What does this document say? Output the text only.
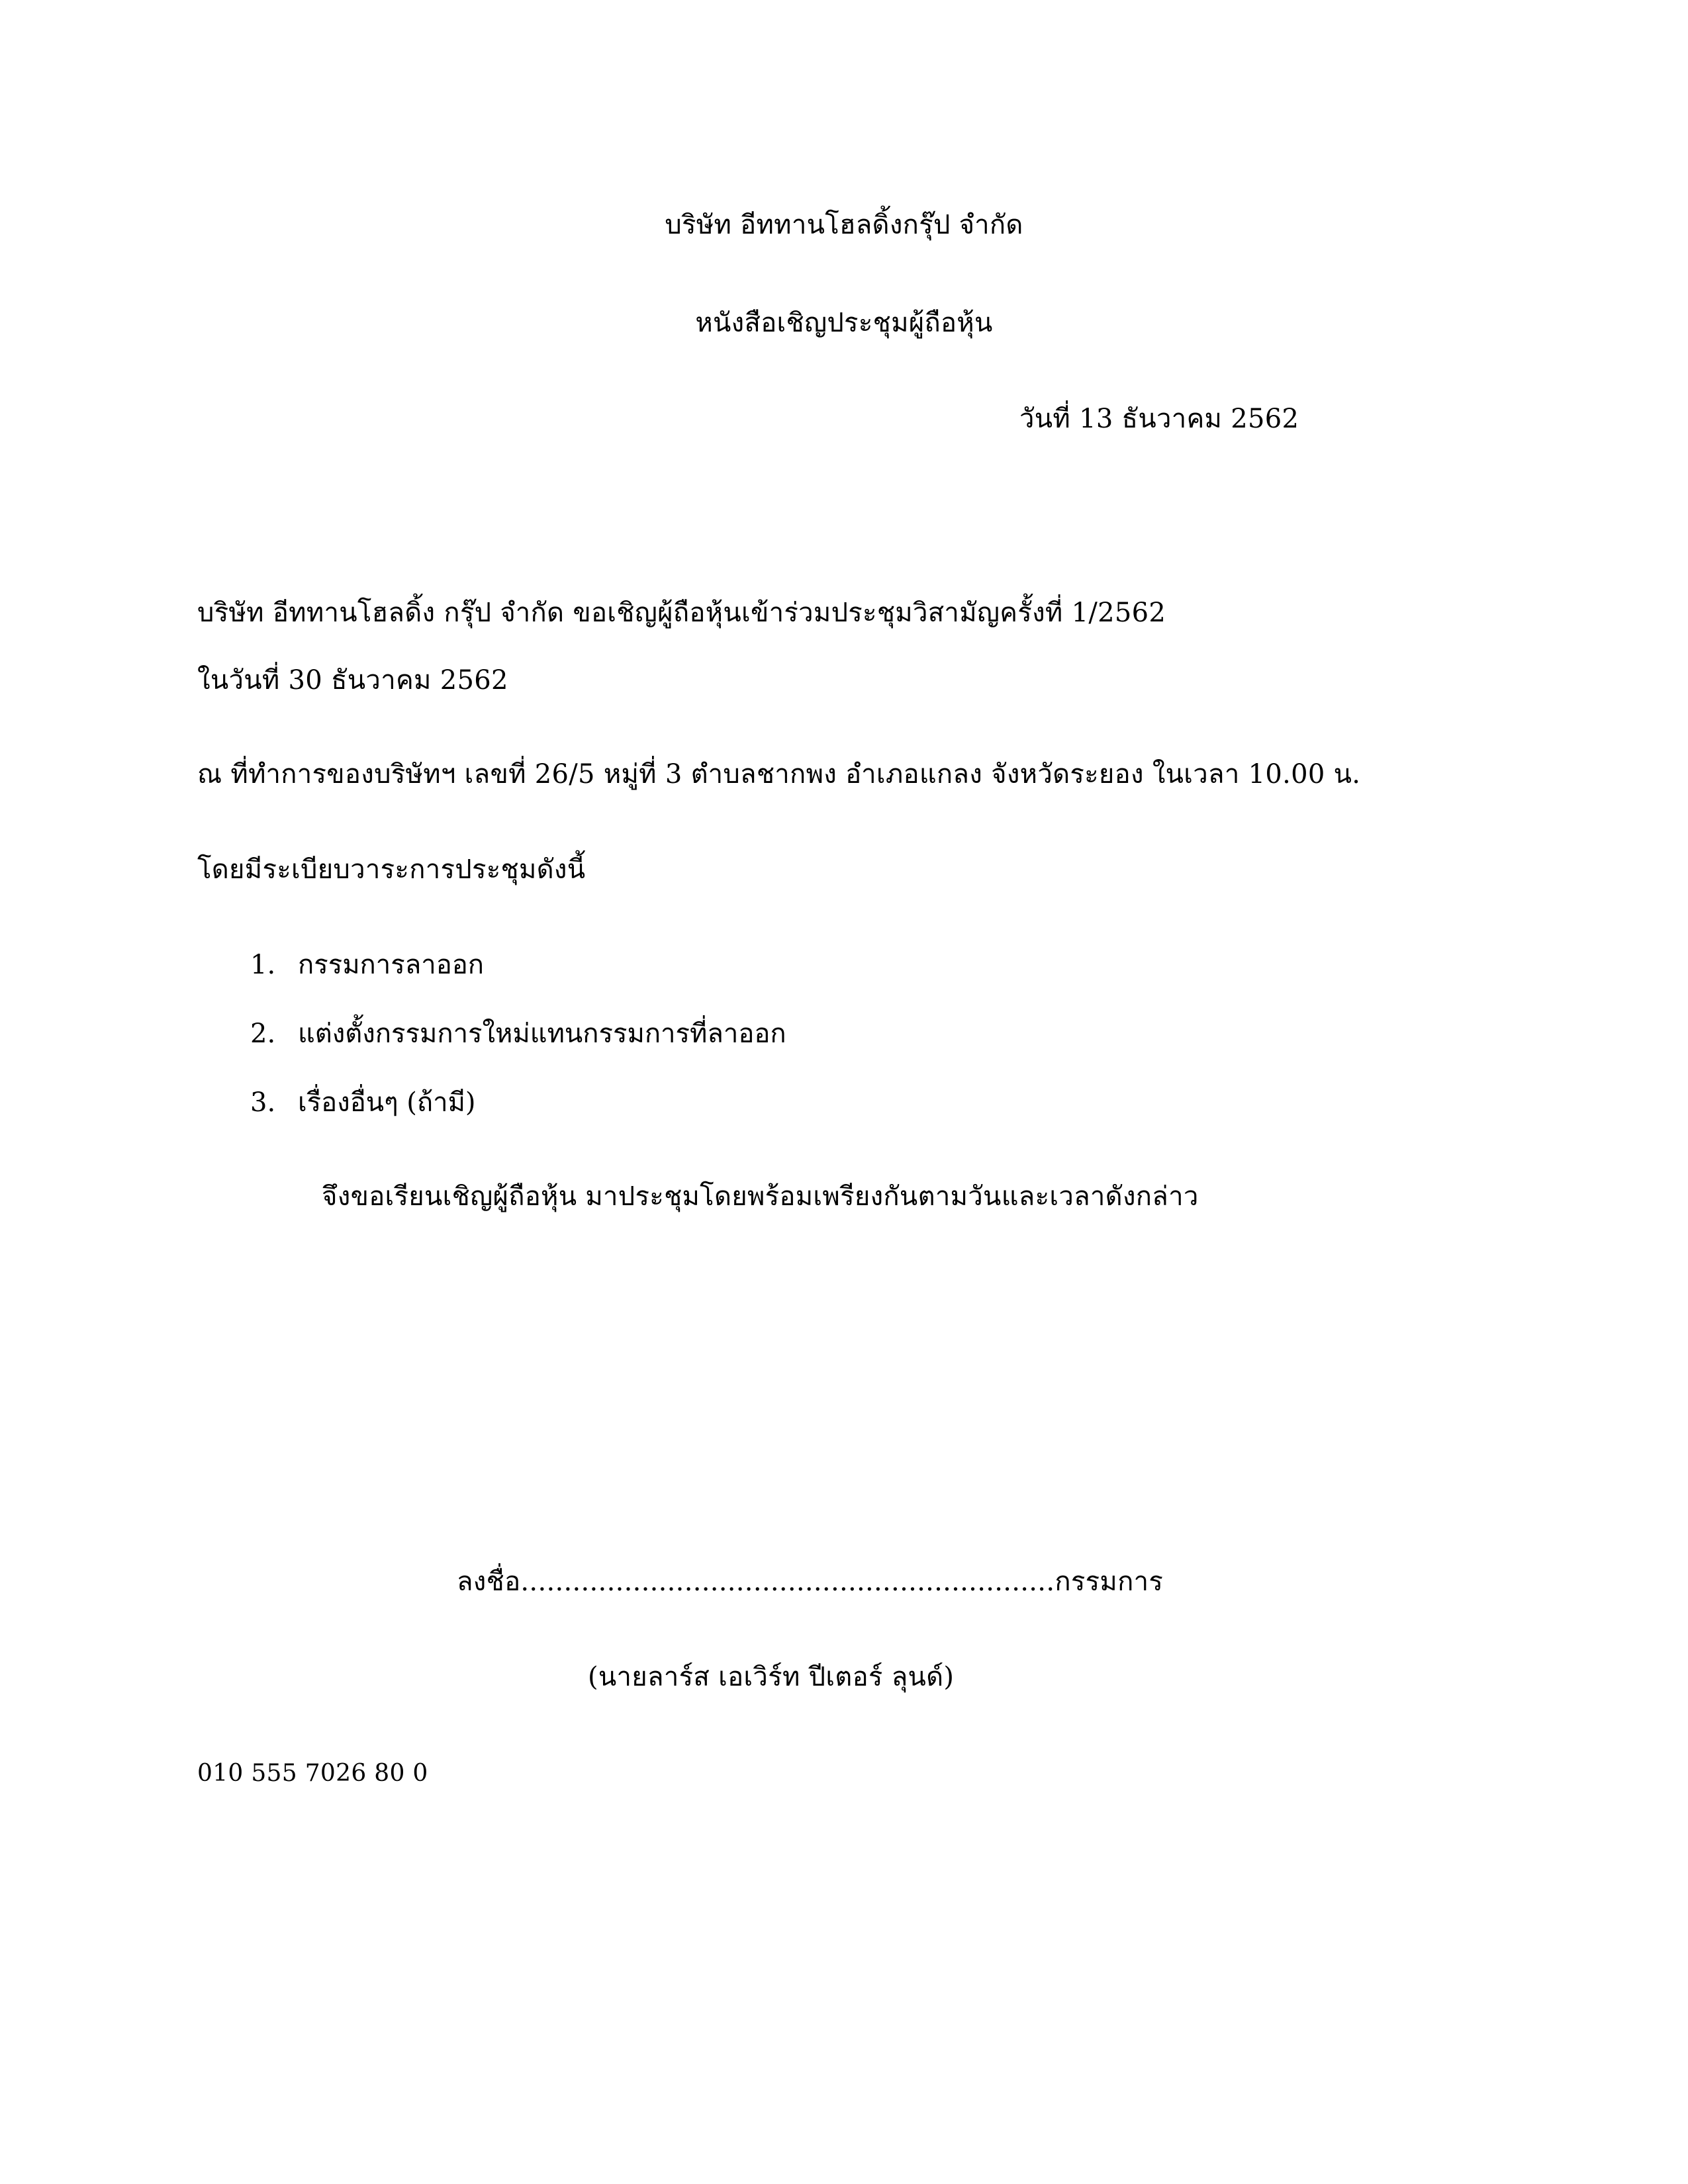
บริษัท อีททานโฮลดิ้งกรุ๊ป จำกัด
หนังสือเชิญประชุมผู้ถือหุ้น
วันที่ 13 ธันวาคม 2562
บริษัท อีททานโฮลดิ้ง กรุ๊ป จำกัด ขอเชิญผู้ถือหุ้นเข้าร่วมประชุมวิสามัญครั้งที่ 1/2562
ในวันที่ 30 ธันวาคม 2562
ณ ที่ทำการของบริษัทฯ เลขที่ 26/5 หมู่ที่ 3 ตำบลชากพง อำเภอแกลง จังหวัดระยอง ในเวลา 10.00 น.
โดยมีระเบียบวาระการประชุมดังนี้
1. กรรมการลาออก
2. แต่งตั้งกรรมการใหม่แทนกรรมการที่ลาออก
3. เรื่องอื่นๆ (ถ้ามี)
จึงขอเรียนเชิญผู้ถือหุ้น มาประชุมโดยพร้อมเพรียงกันตามวันและเวลาดังกล่าว
ลงชื่อ..............................................................กรรมการ
(นายลาร์ส เอเวิร์ท ปีเตอร์ ลุนด์)
010 555 7026 80 0
